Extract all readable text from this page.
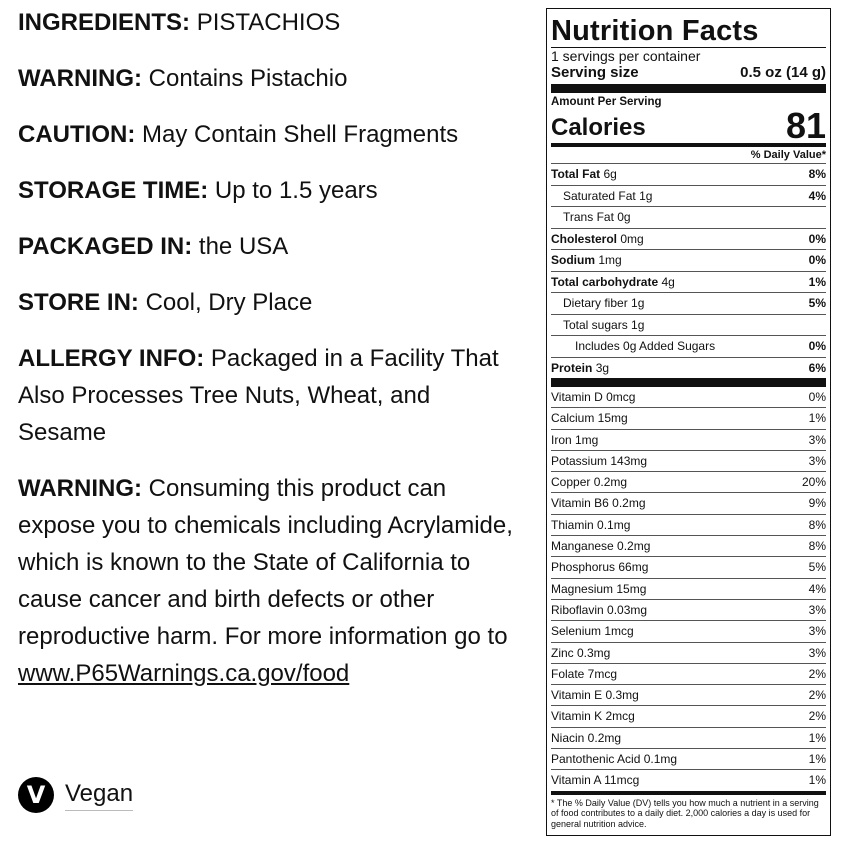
INGREDIENTS: PISTACHIOS

WARNING: Contains Pistachio

CAUTION: May Contain Shell Fragments

STORAGE TIME: Up to 1.5 years

PACKAGED IN: the USA

STORE IN: Cool, Dry Place

ALLERGY INFO: Packaged in a Facility That Also Processes Tree Nuts, Wheat, and Sesame

WARNING: Consuming this product can expose you to chemicals including Acrylamide, which is known to the State of California to cause cancer and birth defects or other reproductive harm. For more information go to www.P65Warnings.ca.gov/food

V Vegan
Nutrition Facts
1 servings per container
Serving size	0.5 oz (14 g)
Amount Per Serving
Calories	81
% Daily Value*
Total Fat 6g	8%
Saturated Fat 1g	4%
Trans Fat 0g
Cholesterol 0mg	0%
Sodium 1mg	0%
Total carbohydrate 4g	1%
Dietary fiber 1g	5%
Total sugars 1g
Includes 0g Added Sugars	0%
Protein 3g	6%
Vitamin D 0mcg	0%
Calcium 15mg	1%
Iron 1mg	3%
Potassium 143mg	3%
Copper 0.2mg	20%
Vitamin B6 0.2mg	9%
Thiamin 0.1mg	8%
Manganese 0.2mg	8%
Phosphorus 66mg	5%
Magnesium 15mg	4%
Riboflavin 0.03mg	3%
Selenium 1mcg	3%
Zinc 0.3mg	3%
Folate 7mcg	2%
Vitamin E 0.3mg	2%
Vitamin K 2mcg	2%
Niacin 0.2mg	1%
Pantothenic Acid 0.1mg	1%
Vitamin A 11mcg	1%
* The % Daily Value (DV) tells you how much a nutrient in a serving of food contributes to a daily diet. 2,000 calories a day is used for general nutrition advice.
